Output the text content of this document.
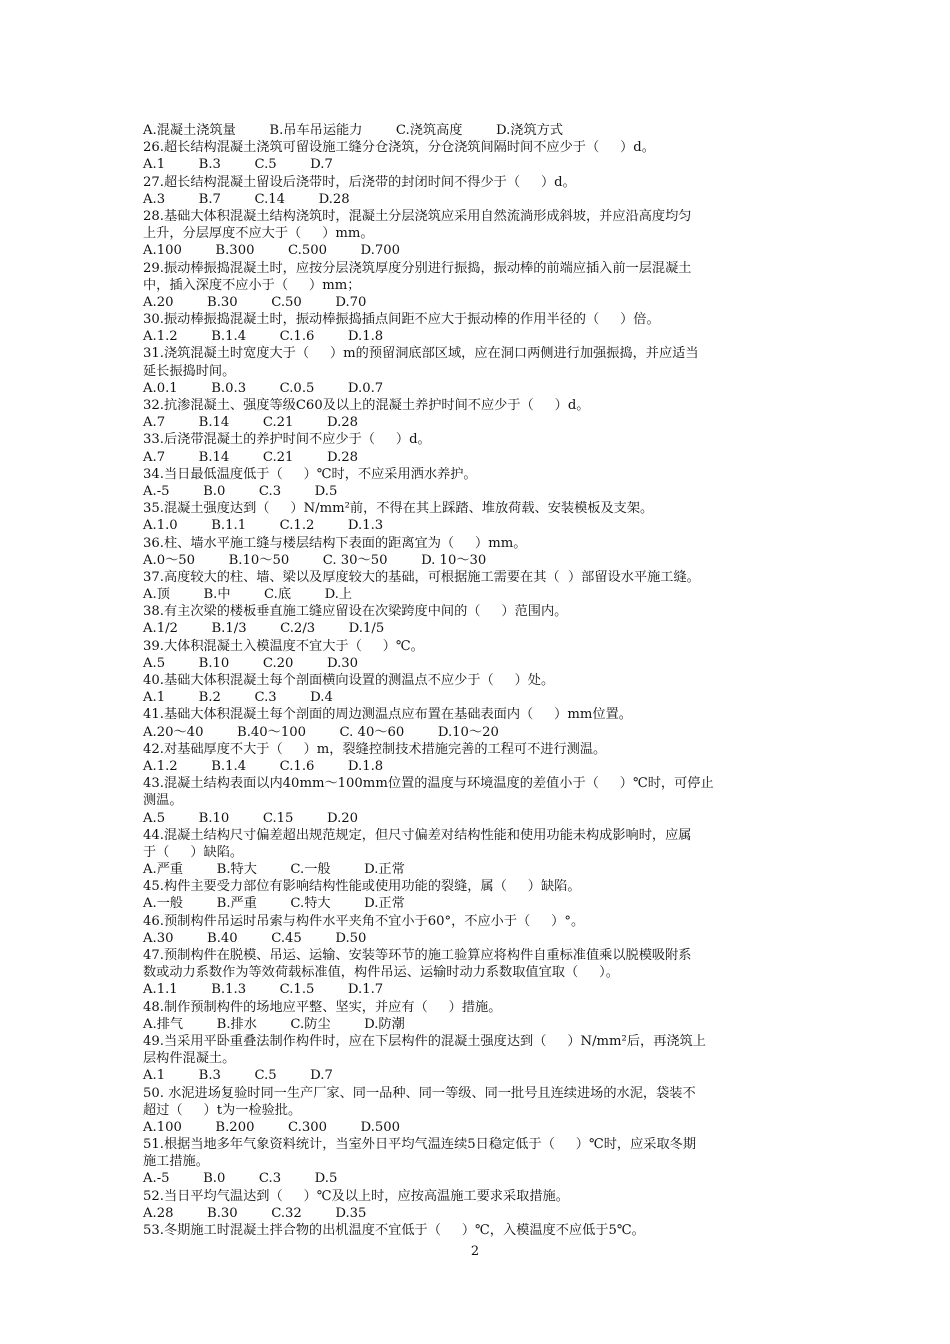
A.混凝土浇筑量        B.吊车吊运能力        C.浇筑高度        D.浇筑方式
26.超长结构混凝土浇筑可留设施工缝分仓浇筑，分仓浇筑间隔时间不应少于（     ）d。
A.1        B.3        C.5        D.7
27.超长结构混凝土留设后浇带时，后浇带的封闭时间不得少于（     ）d。
A.3        B.7        C.14        D.28
28.基础大体积混凝土结构浇筑时，混凝土分层浇筑应采用自然流淌形成斜坡，并应沿高度均匀
上升，分层厚度不应大于（     ）mm。
A.100        B.300        C.500        D.700
29.振动棒振捣混凝土时，应按分层浇筑厚度分别进行振捣，振动棒的前端应插入前一层混凝土
中，插入深度不应小于（     ）mm；
A.20        B.30        C.50        D.70
30.振动棒振捣混凝土时，振动棒振捣插点间距不应大于振动棒的作用半径的（     ）倍。
A.1.2        B.1.4        C.1.6        D.1.8
31.浇筑混凝土时宽度大于（     ）m的预留洞底部区域，应在洞口两侧进行加强振捣，并应适当
延长振捣时间。
A.0.1        B.0.3        C.0.5        D.0.7
32.抗渗混凝土、强度等级C60及以上的混凝土养护时间不应少于（     ）d。
A.7        B.14        C.21        D.28
33.后浇带混凝土的养护时间不应少于（     ）d。
A.7        B.14        C.21        D.28
34.当日最低温度低于（     ）℃时，不应采用洒水养护。
A.-5        B.0        C.3        D.5
35.混凝土强度达到（     ）N/mm²前，不得在其上踩踏、堆放荷载、安装模板及支架。
A.1.0        B.1.1        C.1.2        D.1.3
36.柱、墙水平施工缝与楼层结构下表面的距离宜为（     ）mm。
A.0～50        B.10～50        C. 30～50        D. 10～30
37.高度较大的柱、墙、梁以及厚度较大的基础，可根据施工需要在其（  ）部留设水平施工缝。
A.顶        B.中        C.底        D.上
38.有主次梁的楼板垂直施工缝应留设在次梁跨度中间的（     ）范围内。
A.1/2        B.1/3        C.2/3        D.1/5
39.大体积混凝土入模温度不宜大于（     ）℃。
A.5        B.10        C.20        D.30
40.基础大体积混凝土每个剖面横向设置的测温点不应少于（     ）处。
A.1        B.2        C.3        D.4
41.基础大体积混凝土每个剖面的周边测温点应布置在基础表面内（     ）mm位置。
A.20～40        B.40～100        C. 40～60        D.10～20
42.对基础厚度不大于（     ）m，裂缝控制技术措施完善的工程可不进行测温。
A.1.2        B.1.4        C.1.6        D.1.8
43.混凝土结构表面以内40mm～100mm位置的温度与环境温度的差值小于（     ）℃时，可停止
测温。
A.5        B.10        C.15        D.20
44.混凝土结构尺寸偏差超出规范规定，但尺寸偏差对结构性能和使用功能未构成影响时，应属
于（     ）缺陷。
A.严重        B.特大        C.一般        D.正常
45.构件主要受力部位有影响结构性能或使用功能的裂缝，属（     ）缺陷。
A.一般        B.严重        C.特大        D.正常
46.预制构件吊运时吊索与构件水平夹角不宜小于60°，不应小于（     ）°。
A.30        B.40        C.45        D.50
47.预制构件在脱模、吊运、运输、安装等环节的施工验算应将构件自重标准值乘以脱模吸附系
数或动力系数作为等效荷载标准值，构件吊运、运输时动力系数取值宜取（     ）。
A.1.1        B.1.3        C.1.5        D.1.7
48.制作预制构件的场地应平整、坚实，并应有（     ）措施。
A.排气        B.排水        C.防尘        D.防潮
49.当采用平卧重叠法制作构件时，应在下层构件的混凝土强度达到（     ）N/mm²后，再浇筑上
层构件混凝土。
A.1        B.3        C.5        D.7
50. 水泥进场复验时同一生产厂家、同一品种、同一等级、同一批号且连续进场的水泥，袋装不
超过（     ）t为一检验批。
A.100        B.200        C.300        D.500
51.根据当地多年气象资料统计，当室外日平均气温连续5日稳定低于（     ）℃时，应采取冬期
施工措施。
A.-5        B.0        C.3        D.5
52.当日平均气温达到（     ）℃及以上时，应按高温施工要求采取措施。
A.28        B.30        C.32        D.35
53.冬期施工时混凝土拌合物的出机温度不宜低于（     ）℃，入模温度不应低于5℃。
2
